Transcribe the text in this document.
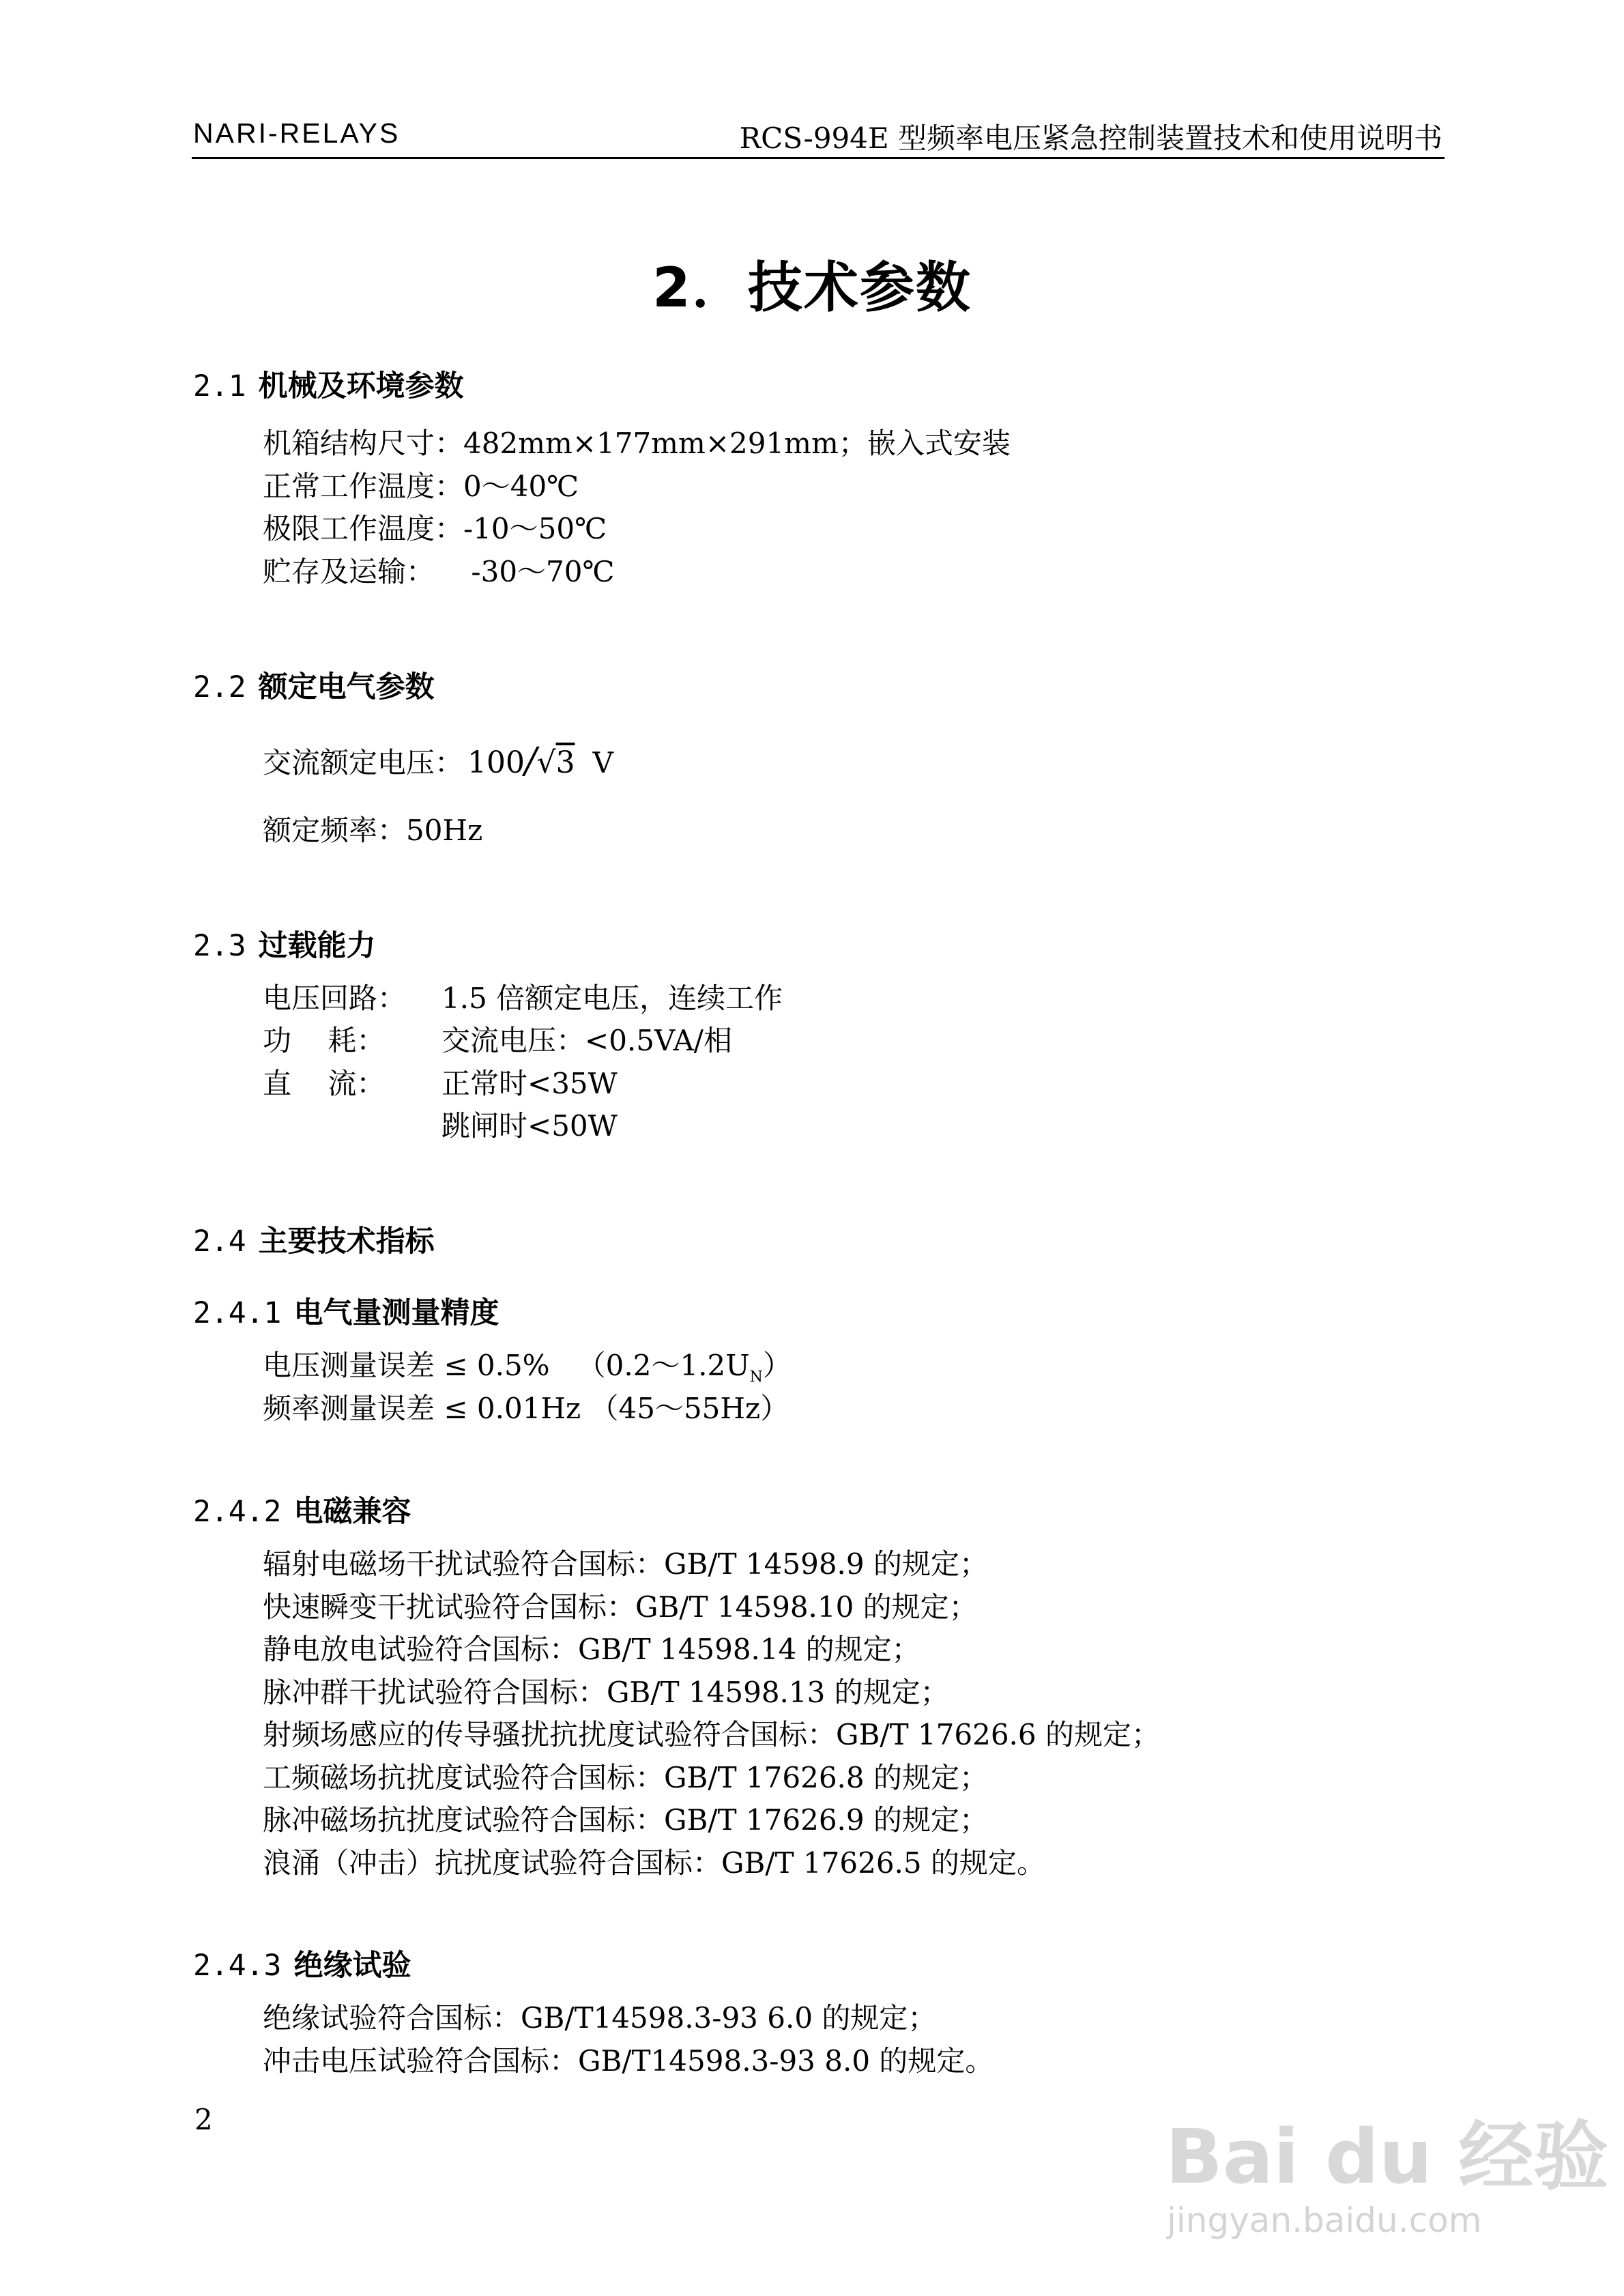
NARI-RELAYS	RCS-994E 型频率电压紧急控制装置技术和使用说明书
2．技术参数
2.1 机械及环境参数
机箱结构尺寸：482mm×177mm×291mm；嵌入式安装
正常工作温度：0～40℃
极限工作温度：-10～50℃
贮存及运输：    -30～70℃
2.2 额定电气参数
交流额定电压： 100/√3 V
额定频率：50Hz
2.3 过载能力
电压回路： 1.5 倍额定电压，连续工作
功    耗： 交流电压：<0.5VA/相
直    流： 正常时<35W
跳闸时<50W
2.4 主要技术指标
2.4.1 电气量测量精度
电压测量误差 ≤ 0.5%   $(0.2\sim 1.2U_N)$
频率测量误差 ≤ 0.01Hz （45～55Hz）
2.4.2 电磁兼容
辐射电磁场干扰试验符合国标：GB/T 14598.9 的规定；
快速瞬变干扰试验符合国标：GB/T 14598.10 的规定；
静电放电试验符合国标：GB/T 14598.14 的规定；
脉冲群干扰试验符合国标：GB/T 14598.13 的规定；
射频场感应的传导骚扰抗扰度试验符合国标：GB/T 17626.6 的规定；
工频磁场抗扰度试验符合国标：GB/T 17626.8 的规定；
脉冲磁场抗扰度试验符合国标：GB/T 17626.9 的规定；
浪涌（冲击）抗扰度试验符合国标：GB/T 17626.5 的规定。
2.4.3 绝缘试验
绝缘试验符合国标：GB/T14598.3-93 6.0 的规定；
冲击电压试验符合国标：GB/T14598.3-93 8.0 的规定。
2	Bai du 经验
jingyan.baidu.com
